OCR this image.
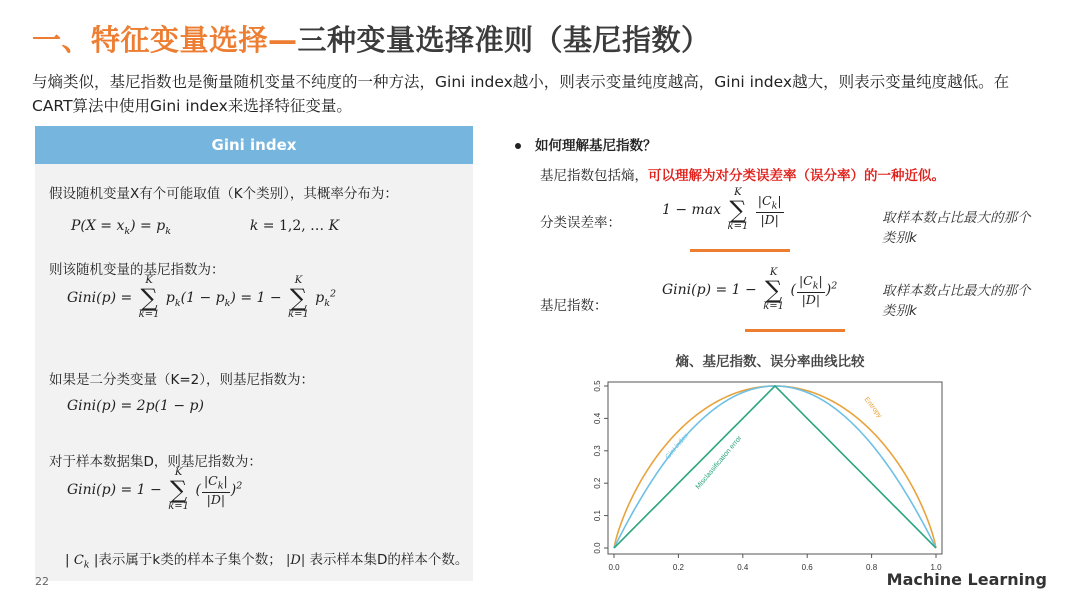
一、特征变量选择—三种变量选择准则（基尼指数）
与熵类似，基尼指数也是衡量随机变量不纯度的一种方法，Gini index越小，则表示变量纯度越高，Gini index越大，则表示变量纯度越低。在CART算法中使用Gini index来选择特征变量。
Gini index
假设随机变量X有个可能取值（K个类别），其概率分布为：
$P(X = x_k) = p_k$	k = 1,2, … K
则该随机变量的基尼指数为：
Gini(p) =
K
∑
k=1
$p_k(1 - p_k) = 1$ −
K
∑
k=1
$p_k^2$
如果是二分类变量（K=2），则基尼指数为：
Gini(p) = 2p(1 − p)
对于样本数据集D，则基尼指数为：
Gini(p) = 1 −
K
∑
k=1
( $\frac{|C_k|}{|D|} )^2$
| $C_k$ |表示属于k类的样本子集个数； |D| 表示样本集D的样本个数。
如何理解基尼指数？
基尼指数包括熵，可以理解为对分类误差率（误分率）的一种近似。
分类误差率：
1 − max
K
∑
k=1

$\frac{|C_k|}{|D|}$	取样本数占比最大的那个类别k
基尼指数：
Gini(p) = 1 −
K
∑
k=1
( $\frac{|C_k|}{|D|} )^2$	取样本数占比最大的那个类别k
熵、基尼指数、误分率曲线比较
0.0	0.2	0.4	0.6	0.8	1.0
0.0
0.1
0.2
0.3
0.4
0.5
Entropy
Gini index Misclassification error
22	Machine Learning
